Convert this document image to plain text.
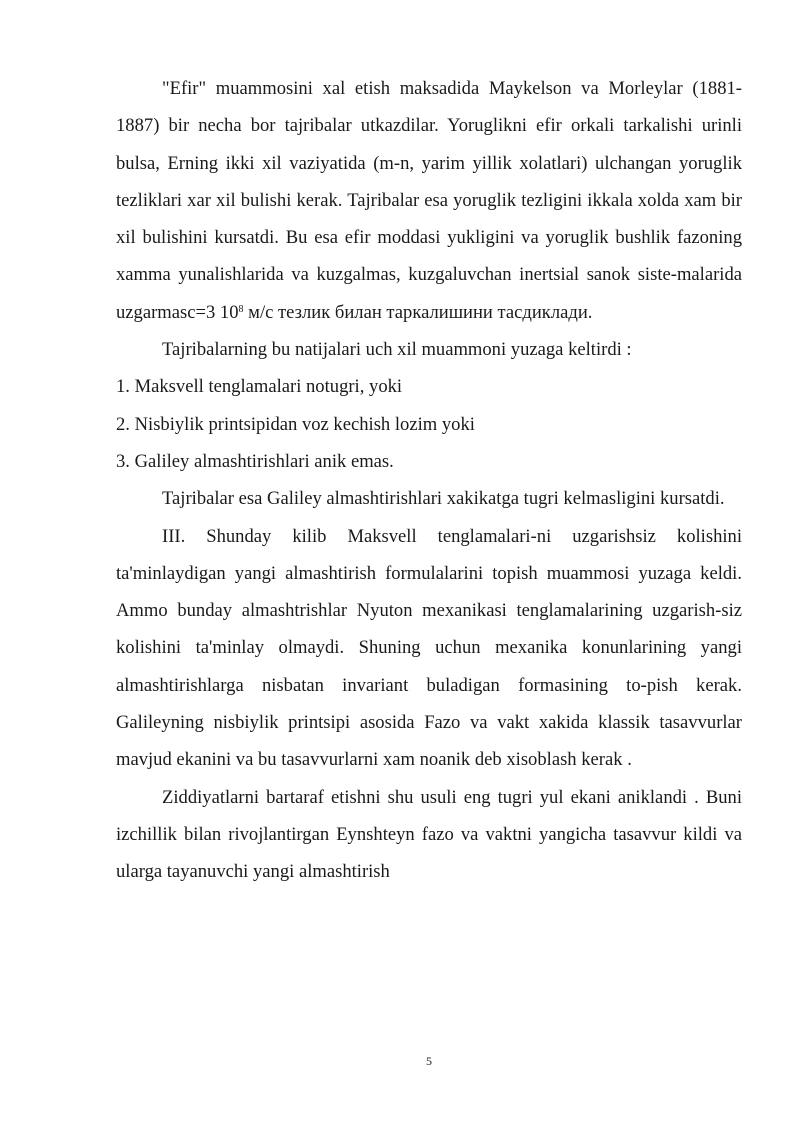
"Efir" muammosini xal etish maksadida Maykelson va Morleylar (1881-1887) bir necha bor tajribalar utkazdilar. Yoruglikni efir orkali tarkalishi urinli bulsa, Erning ikki xil vaziyatida (m-n, yarim yillik xolatlari) ulchangan yoruglik tezliklari xar xil bulishi kerak. Tajribalar esa yoruglik tezligini ikkala xolda xam bir xil bulishini kursatdi. Bu esa efir moddasi yukligini va yoruglik bushlik fazoning xamma yunalishlarida va kuzgalmas, kuzgaluvchan inertsial sanok siste-malarida uzgarmasc=3 $10^8$ м/с тезлик билан таркалишини тасдиклади.

Tajribalarning bu natijalari uch xil muammoni yuzaga keltirdi :

1. Maksvell tenglamalari notugri, yoki

2. Nisbiylik printsipidan voz kechish lozim yoki

3. Galiley almashtirishlari anik emas.

Tajribalar esa Galiley almashtirishlari xakikatga tugri kelmasligini kursatdi.

III. Shunday kilib Maksvell tenglamalari-ni uzgarishsiz kolishini ta'minlaydigan yangi almashtirish formulalarini topish muammosi yuzaga keldi. Ammo bunday almashtrishlar Nyuton mexanikasi tenglamalarining uzgarish-siz kolishini ta'minlay olmaydi. Shuning uchun mexanika konunlarining yangi almashtirishlarga nisbatan invariant buladigan formasining to-pish kerak. Galileyning nisbiylik printsipi asosida Fazo va vakt xakida klassik tasavvurlar mavjud ekanini va bu tasavvurlarni xam noanik deb xisoblash kerak .

Ziddiyatlarni bartaraf etishni shu usuli eng tugri yul ekani aniklandi . Buni izchillik bilan rivojlantirgan Eynshteyn fazo va vaktni yangicha tasavvur kildi va ularga tayanuvchi yangi almashtirish

5
